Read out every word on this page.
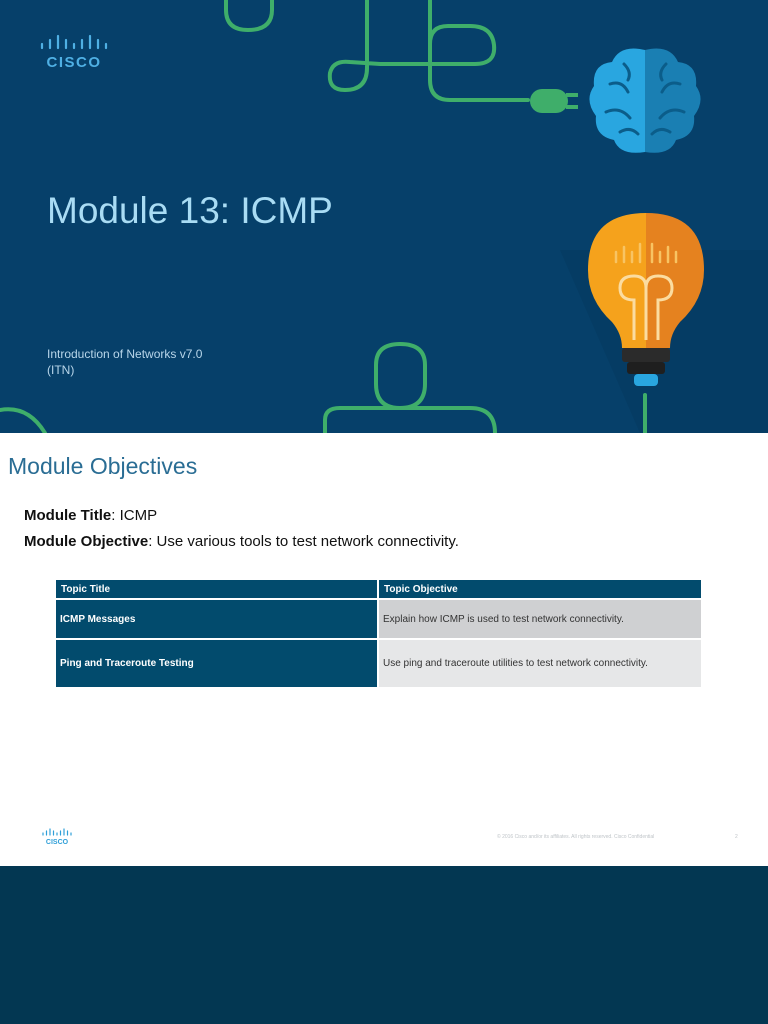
CISCO
Module 13: ICMP
Introduction of Networks v7.0
(ITN)
Module Objectives
Module Title: ICMP
Module Objective: Use various tools to test network connectivity.
Topic Title	Topic Objective
ICMP Messages	Explain how ICMP is used to test network connectivity.
Ping and Traceroute Testing	Use ping and traceroute utilities to test network connectivity.
CISCO
© 2016 Cisco and/or its affiliates. All rights reserved. Cisco Confidential	2
